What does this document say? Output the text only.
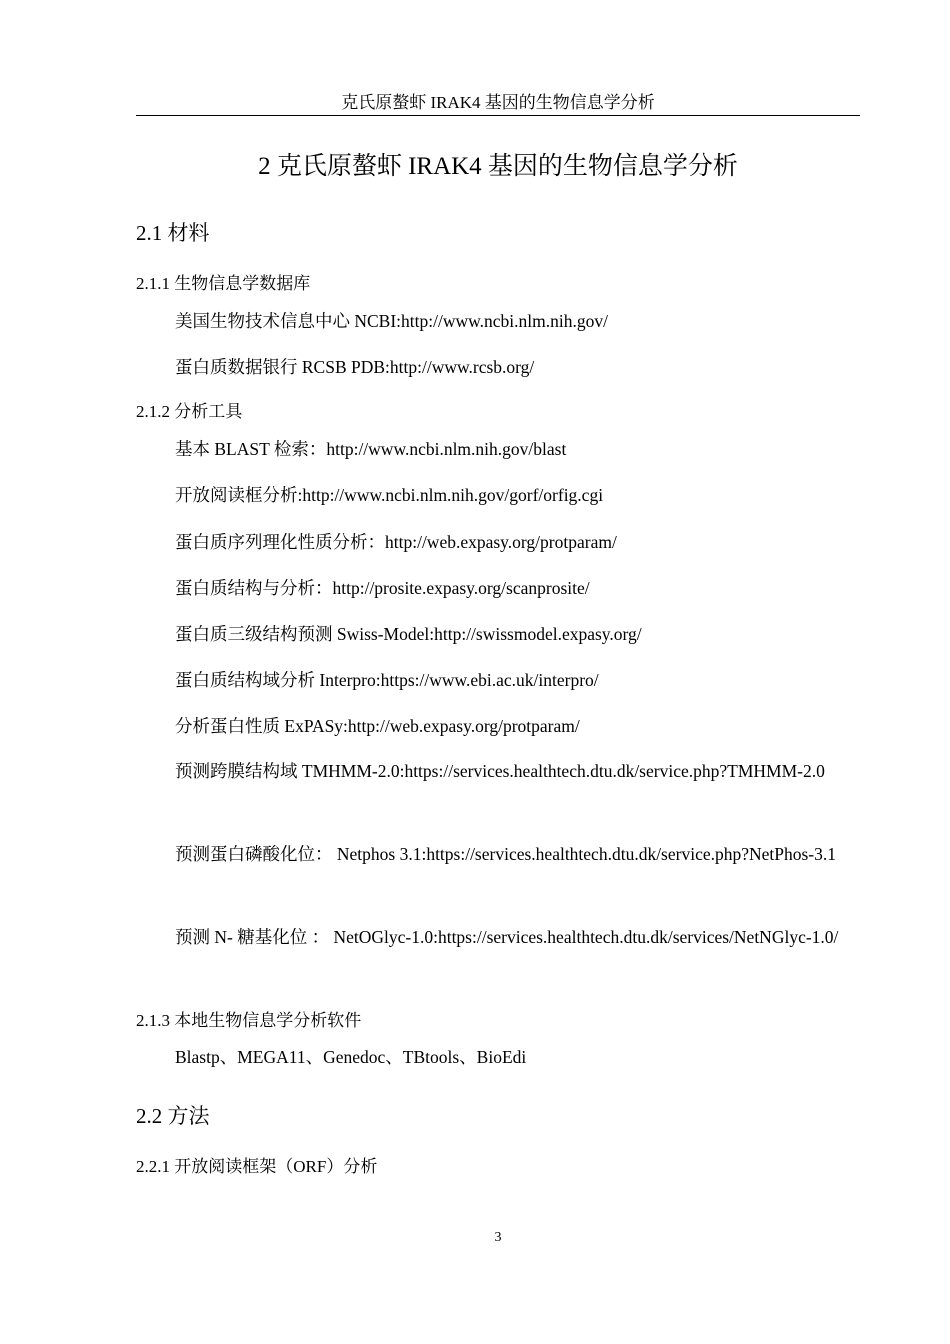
克氏原螯虾 IRAK4 基因的生物信息学分析
2 克氏原螯虾 IRAK4 基因的生物信息学分析
2.1 材料
2.1.1 生物信息学数据库
美国生物技术信息中心 NCBI:http://www.ncbi.nlm.nih.gov/
蛋白质数据银行 RCSB PDB:http://www.rcsb.org/
2.1.2 分析工具
基本 BLAST 检索：http://www.ncbi.nlm.nih.gov/blast
开放阅读框分析:http://www.ncbi.nlm.nih.gov/gorf/orfig.cgi
蛋白质序列理化性质分析：http://web.expasy.org/protparam/
蛋白质结构与分析：http://prosite.expasy.org/scanprosite/
蛋白质三级结构预测 Swiss-Model:http://swissmodel.expasy.org/
蛋白质结构域分析 Interpro:https://www.ebi.ac.uk/interpro/
分析蛋白性质 ExPASy:http://web.expasy.org/protparam/
预测跨膜结构域 TMHMM-2.0:https://services.healthtech.dtu.dk/service.php?TMHMM-2.0
预测蛋白磷酸化位： Netphos 3.1:https://services.healthtech.dtu.dk/service.php?NetPhos-3.1
预测 N- 糖基化位 ： NetOGlyc-1.0:https://services.healthtech.dtu.dk/services/NetNGlyc-1.0/
2.1.3 本地生物信息学分析软件
Blastp、MEGA11、Genedoc、TBtools、BioEdi
2.2 方法
2.2.1 开放阅读框架（ORF）分析
3
